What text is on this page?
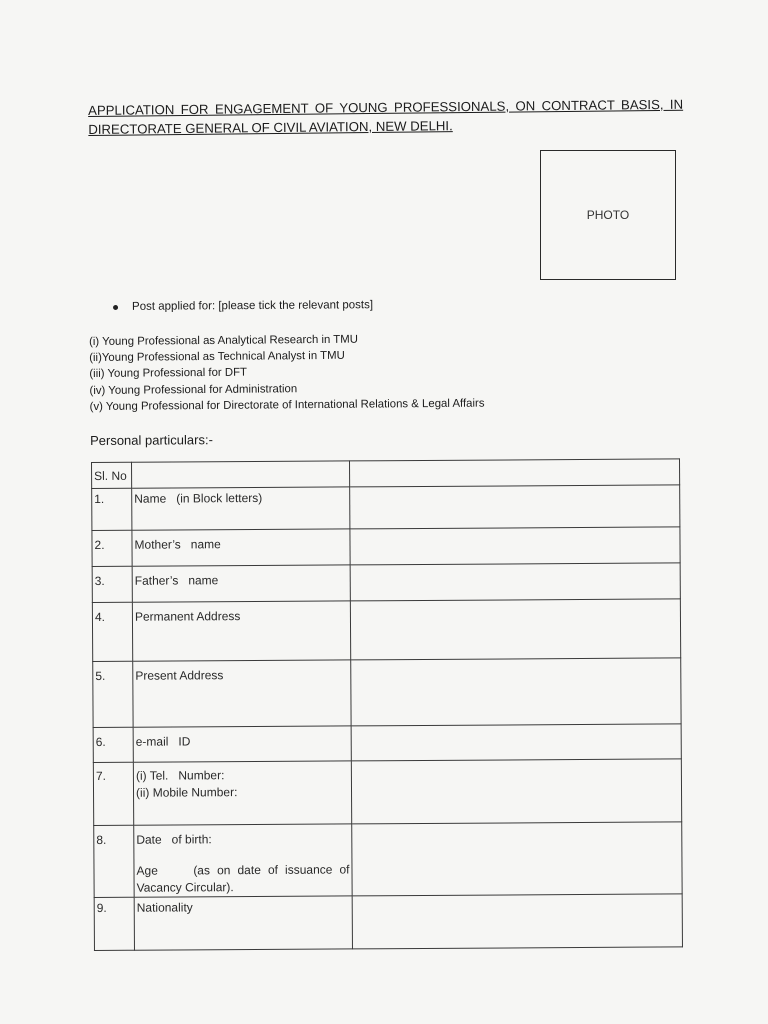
APPLICATION FOR ENGAGEMENT OF YOUNG PROFESSIONALS, ON CONTRACT BASIS, IN DIRECTORATE GENERAL OF CIVIL AVIATION, NEW DELHI.
PHOTO
Post applied for: [please tick the relevant posts]
(i) Young Professional as Analytical Research in TMU
(ii)Young Professional as Technical Analyst in TMU
(iii) Young Professional for DFT
(iv) Young Professional for Administration
(v) Young Professional for Directorate of International Relations & Legal Affairs
Personal particulars:-
Sl. No		
1.	Name   (in Block letters)	
2.	Mother’s   name	
3.	Father’s   name	
4.	Permanent Address	
5.	Present Address	
6.	e-mail   ID	
7.	(i) Tel.   Number:
(ii) Mobile Number:	

8.	Date   of birth:
Age     (as on date of issuance of Vacancy Circular).	

9.	Nationality	
